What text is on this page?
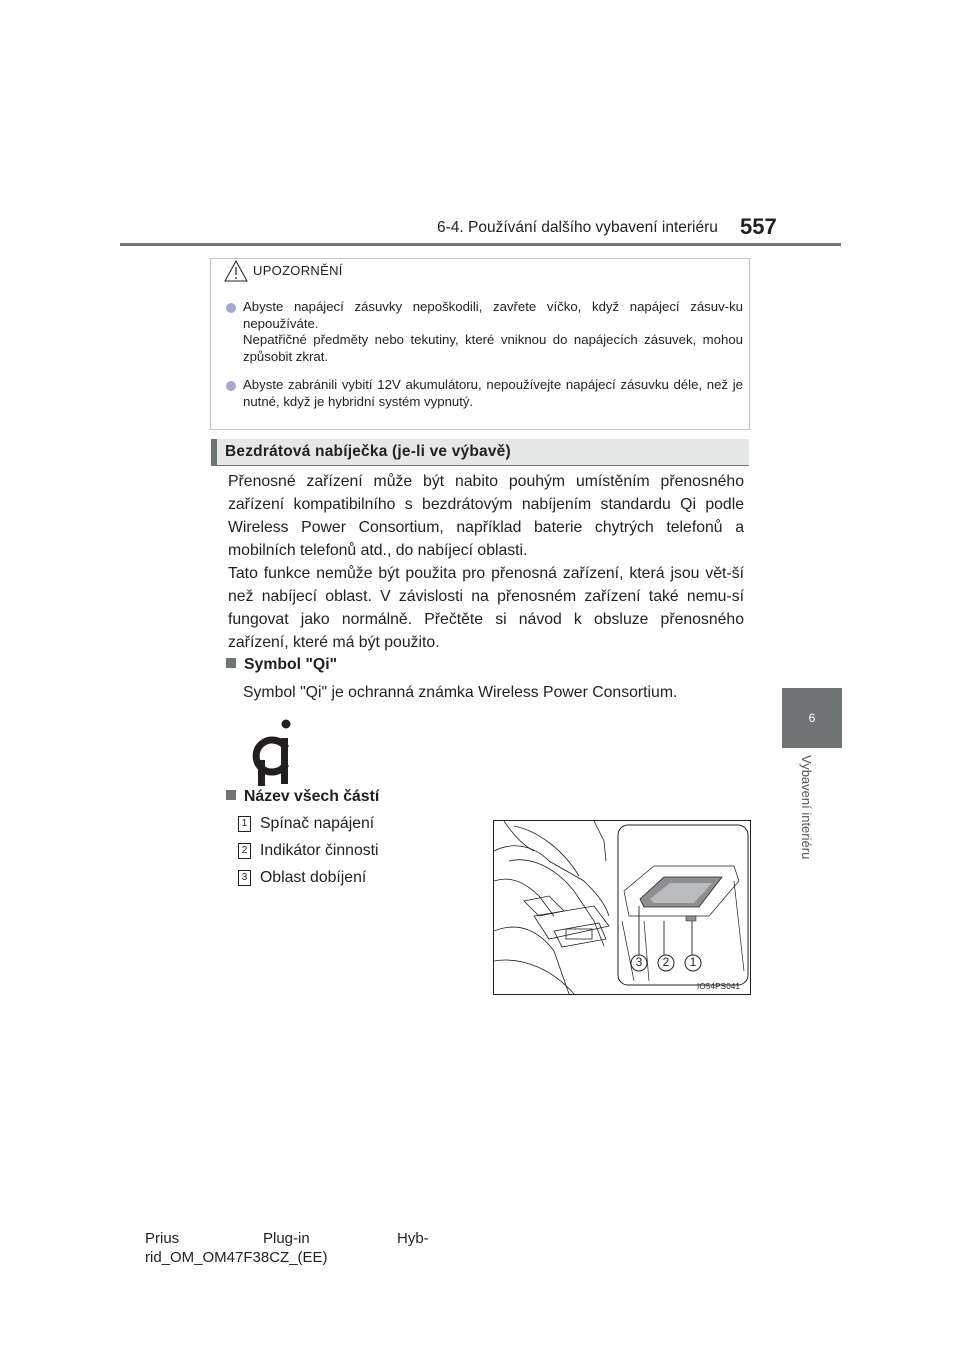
6-4. Používání dalšího vybavení interiéru 557
6
Vybavení interiéru
UPOZORNĚNÍ
Abyste napájecí zásuvky nepoškodili, zavřete víčko, když napájecí zásuv-ku nepoužíváte.
Nepatřičné předměty nebo tekutiny, které vniknou do napájecích zásuvek, mohou způsobit zkrat.
Abyste zabránili vybití 12V akumulátoru, nepoužívejte napájecí zásuvku déle, než je nutné, když je hybridní systém vypnutý.
Bezdrátová nabíječka (je-li ve výbavě)
Přenosné zařízení může být nabito pouhým umístěním přenosného zařízení kompatibilního s bezdrátovým nabíjením standardu Qi podle Wireless Power Consortium, například baterie chytrých telefonů a mobilních telefonů atd., do nabíjecí oblasti.
Tato funkce nemůže být použita pro přenosná zařízení, která jsou vět-ší než nabíjecí oblast. V závislosti na přenosném zařízení také nemu-sí fungovat jako normálně. Přečtěte si návod k obsluze přenosného zařízení, které má být použito.
Symbol "Qi"
Symbol "Qi" je ochranná známka Wireless Power Consortium.
Název všech částí
1 Spínač napájení
2 Indikátor činnosti
3 Oblast dobíjení
3	2	1
IO54PS041
Prius	Plug-in	Hyb-
rid_OM_OM47F38CZ_(EE)
